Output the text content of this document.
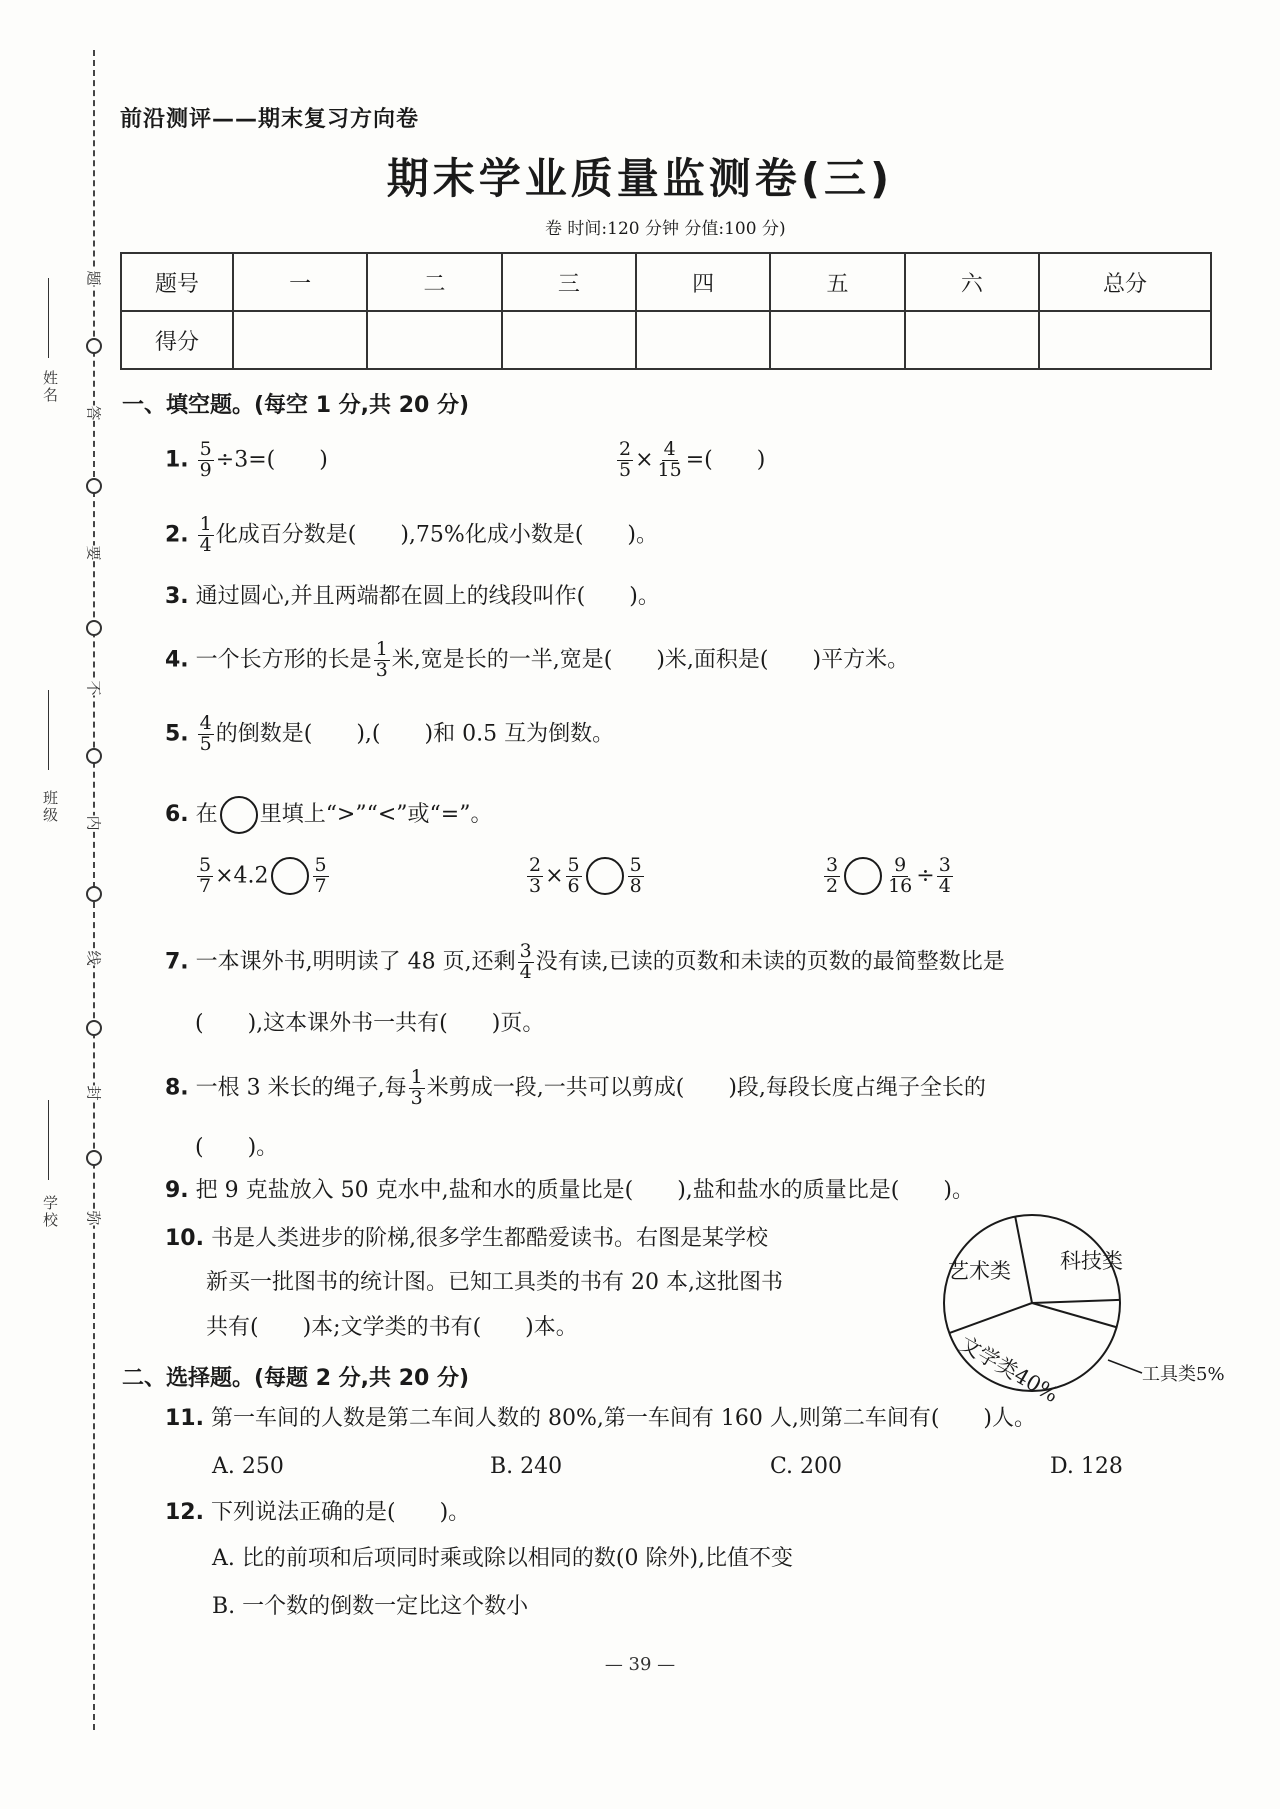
题
答
要
不
内
线
封
弥
姓名
班级
学校
前沿测评——期末复习方向卷
期末学业质量监测卷(三)
卷 时间:120 分钟 分值:100 分)
题号	一	二	三	四	五	六	总分
得分							
一、填空题。(每空 1 分,共 20 分)
1. $\frac{5}{9} \div 3=$(　　)	$\frac{2}{5} \times \frac{4}{15}$ =(　　)
2. $\frac{1}{4}$ 化成百分数是(　　),75%化成小数是(　　)。
3. 通过圆心,并且两端都在圆上的线段叫作(　　)。
4. 一个长方形的长是 $\frac{1}{3}$ 米,宽是长的一半,宽是(　　)米,面积是(　　)平方米。
5. $\frac{4}{5}$ 的倒数是(　　),(　　)和 0.5 互为倒数。
6. 在 里填上“>”“<”或“=”。
$\frac{5}{7} \times 4.2 \frac{5}{7}$	$\frac{2}{3} \times \frac{5}{6} \frac{5}{8}$	$\frac{3}{2} \frac{9}{16} \div \frac{3}{4}$
7. 一本课外书,明明读了 48 页,还剩 $\frac{3}{4}$ 没有读,已读的页数和未读的页数的最简整数比是
(　　),这本课外书一共有(　　)页。
8. 一根 3 米长的绳子,每 $\frac{1}{3}$ 米剪成一段,一共可以剪成(　　)段,每段长度占绳子全长的
(　　)。
9. 把 9 克盐放入 50 克水中,盐和水的质量比是(　　),盐和盐水的质量比是(　　)。
10. 书是人类进步的阶梯,很多学生都酷爱读书。右图是某学校
新买一批图书的统计图。已知工具类的书有 20 本,这批图书
共有(　　)本;文学类的书有(　　)本。
文学类40%	工具类5%
科技类
艺术类
二、选择题。(每题 2 分,共 20 分)
11. 第一车间的人数是第二车间人数的 80%,第一车间有 160 人,则第二车间有(　　)人。
A. 250	B. 240	C. 200	D. 128
12. 下列说法正确的是(　　)。
A. 比的前项和后项同时乘或除以相同的数(0 除外),比值不变
B. 一个数的倒数一定比这个数小
— 39 —
